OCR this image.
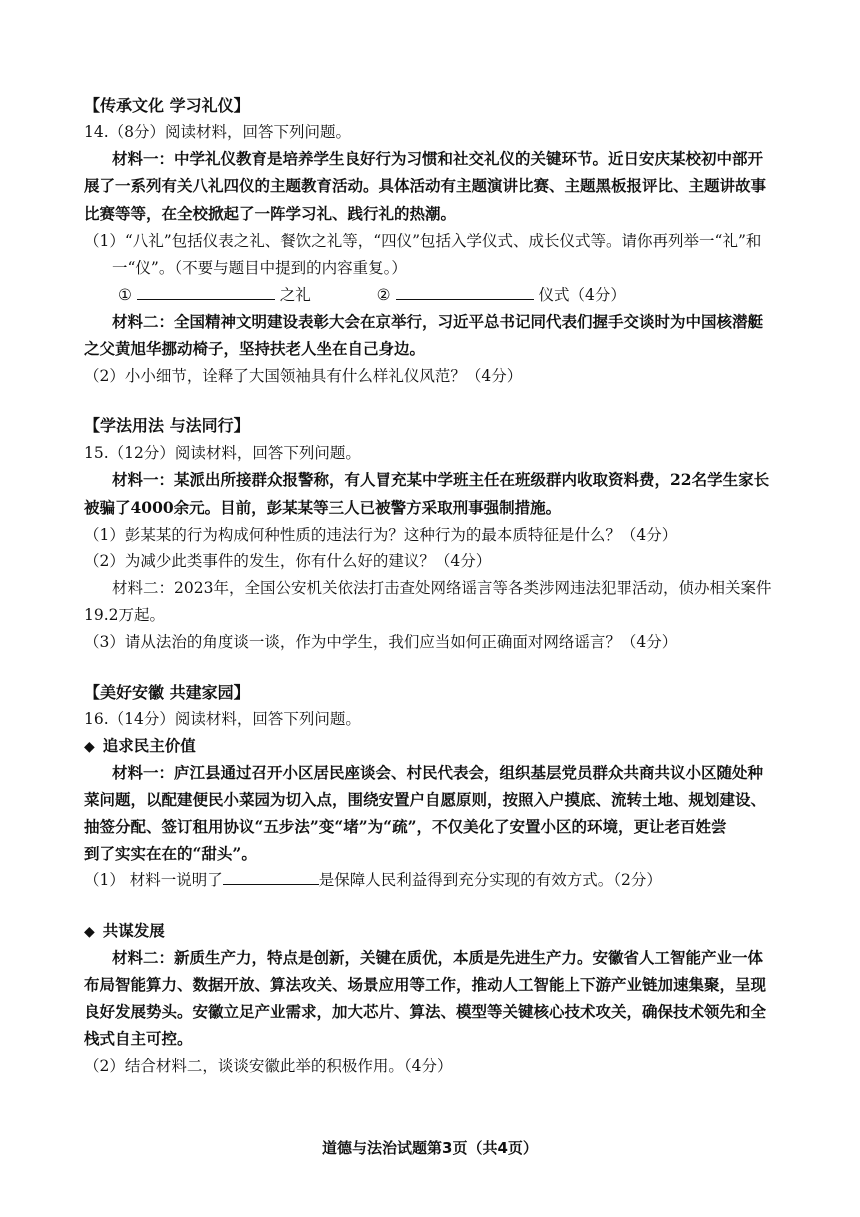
【传承文化 学习礼仪】
14.（8分）阅读材料，回答下列问题。
材料一：中学礼仪教育是培养学生良好行为习惯和社交礼仪的关键环节。近日安庆某校初中部开
展了一系列有关八礼四仪的主题教育活动。具体活动有主题演讲比赛、主题黑板报评比、主题讲故事
比赛等等，在全校掀起了一阵学习礼、践行礼的热潮。
（1）“八礼”包括仪表之礼、餐饮之礼等，“四仪”包括入学仪式、成长仪式等。请你再列举一“礼”和
一“仪”。（不要与题目中提到的内容重复。）
①	之礼	②	仪式（4分）
材料二：全国精神文明建设表彰大会在京举行，习近平总书记同代表们握手交谈时为中国核潜艇
之父黄旭华挪动椅子，坚持扶老人坐在自己身边。
（2）小小细节，诠释了大国领袖具有什么样礼仪风范？（4分）
【学法用法 与法同行】
15.（12分）阅读材料，回答下列问题。
材料一：某派出所接群众报警称，有人冒充某中学班主任在班级群内收取资料费，22名学生家长
被骗了4000余元。目前，彭某某等三人已被警方采取刑事强制措施。
（1）彭某某的行为构成何种性质的违法行为？这种行为的最本质特征是什么？（4分）
（2）为减少此类事件的发生，你有什么好的建议？（4分）
材料二：2023年，全国公安机关依法打击查处网络谣言等各类涉网违法犯罪活动，侦办相关案件
19.2万起。
（3）请从法治的角度谈一谈，作为中学生，我们应当如何正确面对网络谣言？（4分）
【美好安徽 共建家园】
16.（14分）阅读材料，回答下列问题。
◆ 追求民主价值
材料一：庐江县通过召开小区居民座谈会、村民代表会，组织基层党员群众共商共议小区随处种
菜问题，以配建便民小菜园为切入点，围绕安置户自愿原则，按照入户摸底、流转土地、规划建设、
抽签分配、签订租用协议“五步法”变“堵”为“疏”，不仅美化了安置小区的环境，更让老百姓尝
到了实实在在的“甜头”。
（1） 材料一说明了	是保障人民利益得到充分实现的有效方式。（2分）
◆ 共谋发展
材料二：新质生产力，特点是创新，关键在质优，本质是先进生产力。安徽省人工智能产业一体
布局智能算力、数据开放、算法攻关、场景应用等工作，推动人工智能上下游产业链加速集聚，呈现
良好发展势头。安徽立足产业需求，加大芯片、算法、模型等关键核心技术攻关，确保技术领先和全
栈式自主可控。
（2）结合材料二，谈谈安徽此举的积极作用。（4分）
道德与法治试题第3页（共4页）
